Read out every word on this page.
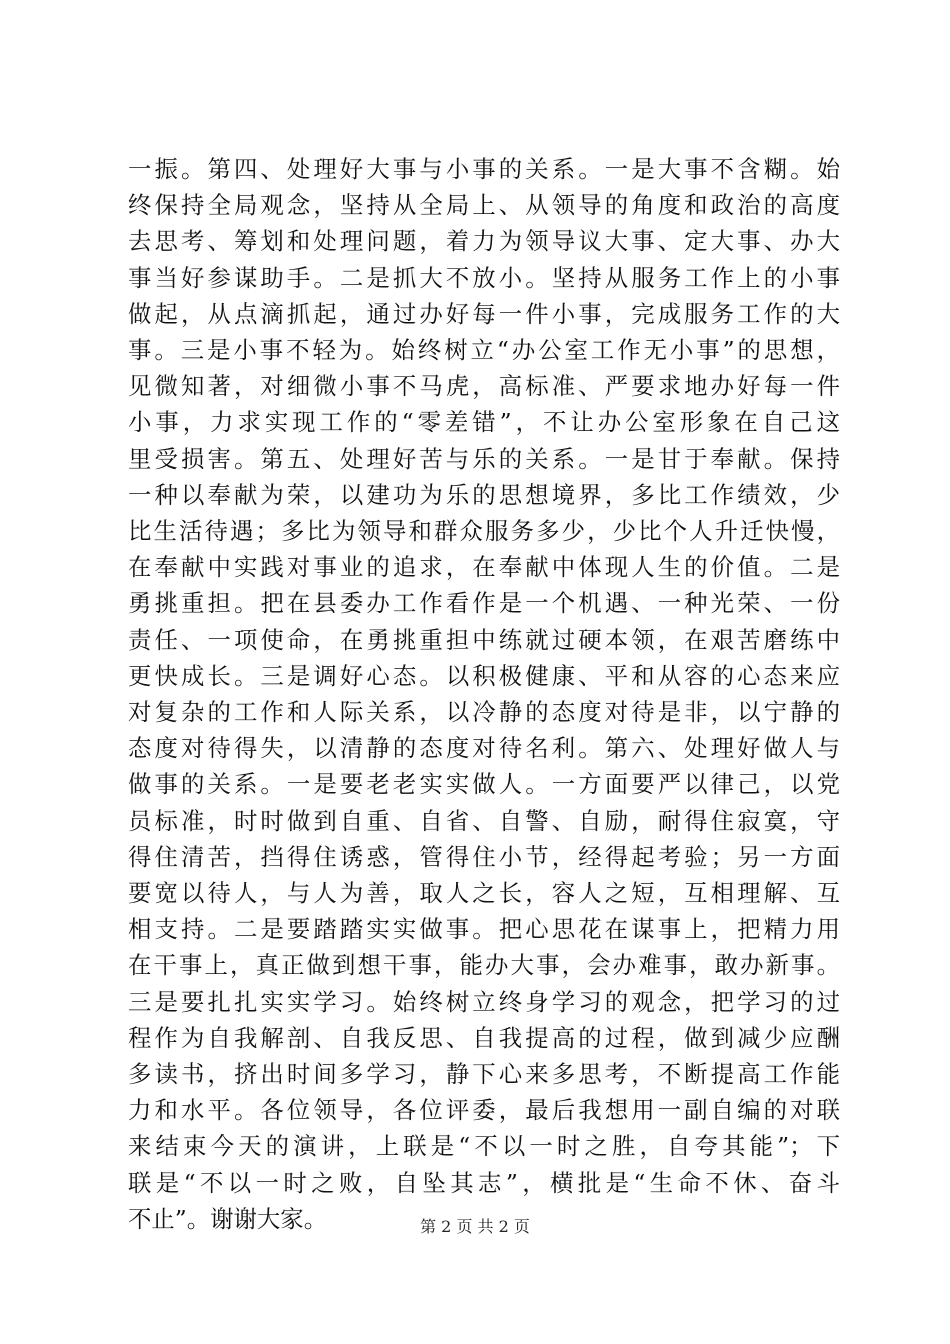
一振。第四、处理好大事与小事的关系。一是大事不含糊。始
终保持全局观念，坚持从全局上、从领导的角度和政治的高度
去思考、筹划和处理问题，着力为领导议大事、定大事、办大
事当好参谋助手。二是抓大不放小。坚持从服务工作上的小事
做起，从点滴抓起，通过办好每一件小事，完成服务工作的大
事。三是小事不轻为。始终树立“办公室工作无小事”的思想，
见微知著，对细微小事不马虎，高标准、严要求地办好每一件
小事，力求实现工作的“零差错”，不让办公室形象在自己这
里受损害。第五、处理好苦与乐的关系。一是甘于奉献。保持
一种以奉献为荣，以建功为乐的思想境界，多比工作绩效，少
比生活待遇；多比为领导和群众服务多少，少比个人升迁快慢，
在奉献中实践对事业的追求，在奉献中体现人生的价值。二是
勇挑重担。把在县委办工作看作是一个机遇、一种光荣、一份
责任、一项使命，在勇挑重担中练就过硬本领，在艰苦磨练中
更快成长。三是调好心态。以积极健康、平和从容的心态来应
对复杂的工作和人际关系，以冷静的态度对待是非，以宁静的
态度对待得失，以清静的态度对待名利。第六、处理好做人与
做事的关系。一是要老老实实做人。一方面要严以律己，以党
员标准，时时做到自重、自省、自警、自励，耐得住寂寞，守
得住清苦，挡得住诱惑，管得住小节，经得起考验；另一方面
要宽以待人，与人为善，取人之长，容人之短，互相理解、互
相支持。二是要踏踏实实做事。把心思花在谋事上，把精力用
在干事上，真正做到想干事，能办大事，会办难事，敢办新事。
三是要扎扎实实学习。始终树立终身学习的观念，把学习的过
程作为自我解剖、自我反思、自我提高的过程，做到减少应酬
多读书，挤出时间多学习，静下心来多思考，不断提高工作能
力和水平。各位领导，各位评委，最后我想用一副自编的对联
来结束今天的演讲，上联是“不以一时之胜，自夸其能”；下
联是“不以一时之败，自坠其志”，横批是“生命不休、奋斗
不止”。谢谢大家。	第 2 页 共 2 页
